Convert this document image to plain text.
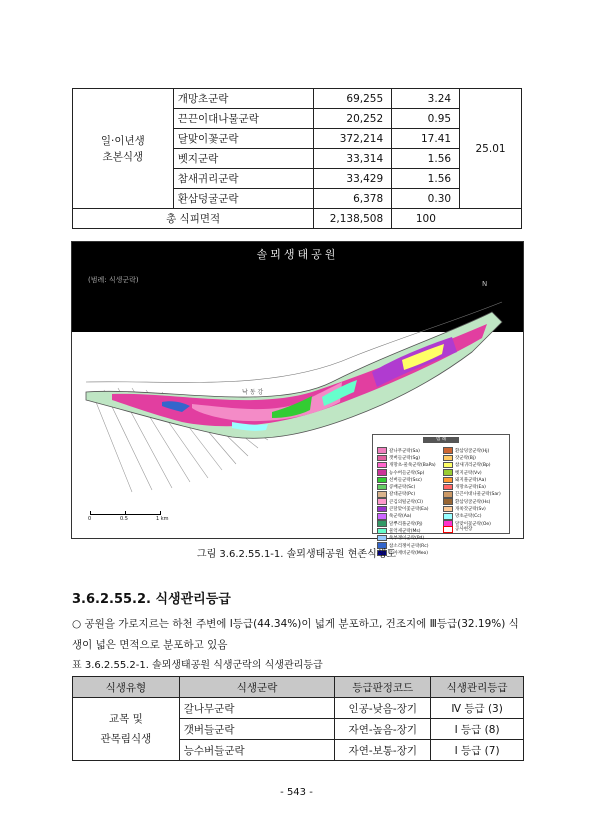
일·이년생
초본식생	개망초군락	69,255	3.24	25.01
	끈끈이대나물군락	20,252	0.95	
	달맞이꽃군락	372,214	17.41	
	벳지군락	33,314	1.56	
	참새귀리군락	33,429	1.56	
	환삼덩굴군락	6,378	0.30	
총 식피면적		2,138,508	100	
솔뫼생태공원
(범례: 식생군락)	N
낙 동 강
범 례
갈나무군락(Sa)
갯버들군락(Sg)
개망초-물쑥군락(BaPa)
능수버들군락(Sp)
선버들군락(Ssc)
콩배군락(Sc)
갈대군락(Pc)
큰김의털군락(Cl)
큰달맞이꽃군락(Ea)
쑥군락(Aa)
달뿌리풀군락(Pj)
물억새군락(Ms)
쑥부쟁이군락(Pd)
참소리쟁이군락(Rc)
조아재비군락(Meo)
환삼덩굴군락(Hj)
갓군락(Bj)
참새귀리군락(Bp)
벳지군락(Vv)
돼지풀군락(Aa)
개망초군락(Ea)
끈끈이대나물군락(Sar)
환삼덩굴군락(Hs)
개쑥갓군락(Sv)
망초군락(Cc)
달맞이꽃군락(Oe)
공사현장
0	0.5	1 km
그림 3.6.2.55.1-1. 솔뫼생태공원 현존식생도
3.6.2.55.2. 식생관리등급
○ 공원을 가로지르는 하천 주변에 Ⅰ등급(44.34%)이 넓게 분포하고, 건조지에 Ⅲ등급(32.19%) 식생이 넓은 면적으로 분포하고 있음
표 3.6.2.55.2-1. 솔뫼생태공원 식생군락의 식생관리등급
식생유형	식생군락	등급판정코드	식생관리등급
교목 및
관목림식생	갈나무군락	인공-낮음-장기	Ⅳ 등급 (3)
	갯버들군락	자연-높음-장기	Ⅰ 등급 (8)
	능수버들군락	자연-보통-장기	Ⅰ 등급 (7)
- 543 -
